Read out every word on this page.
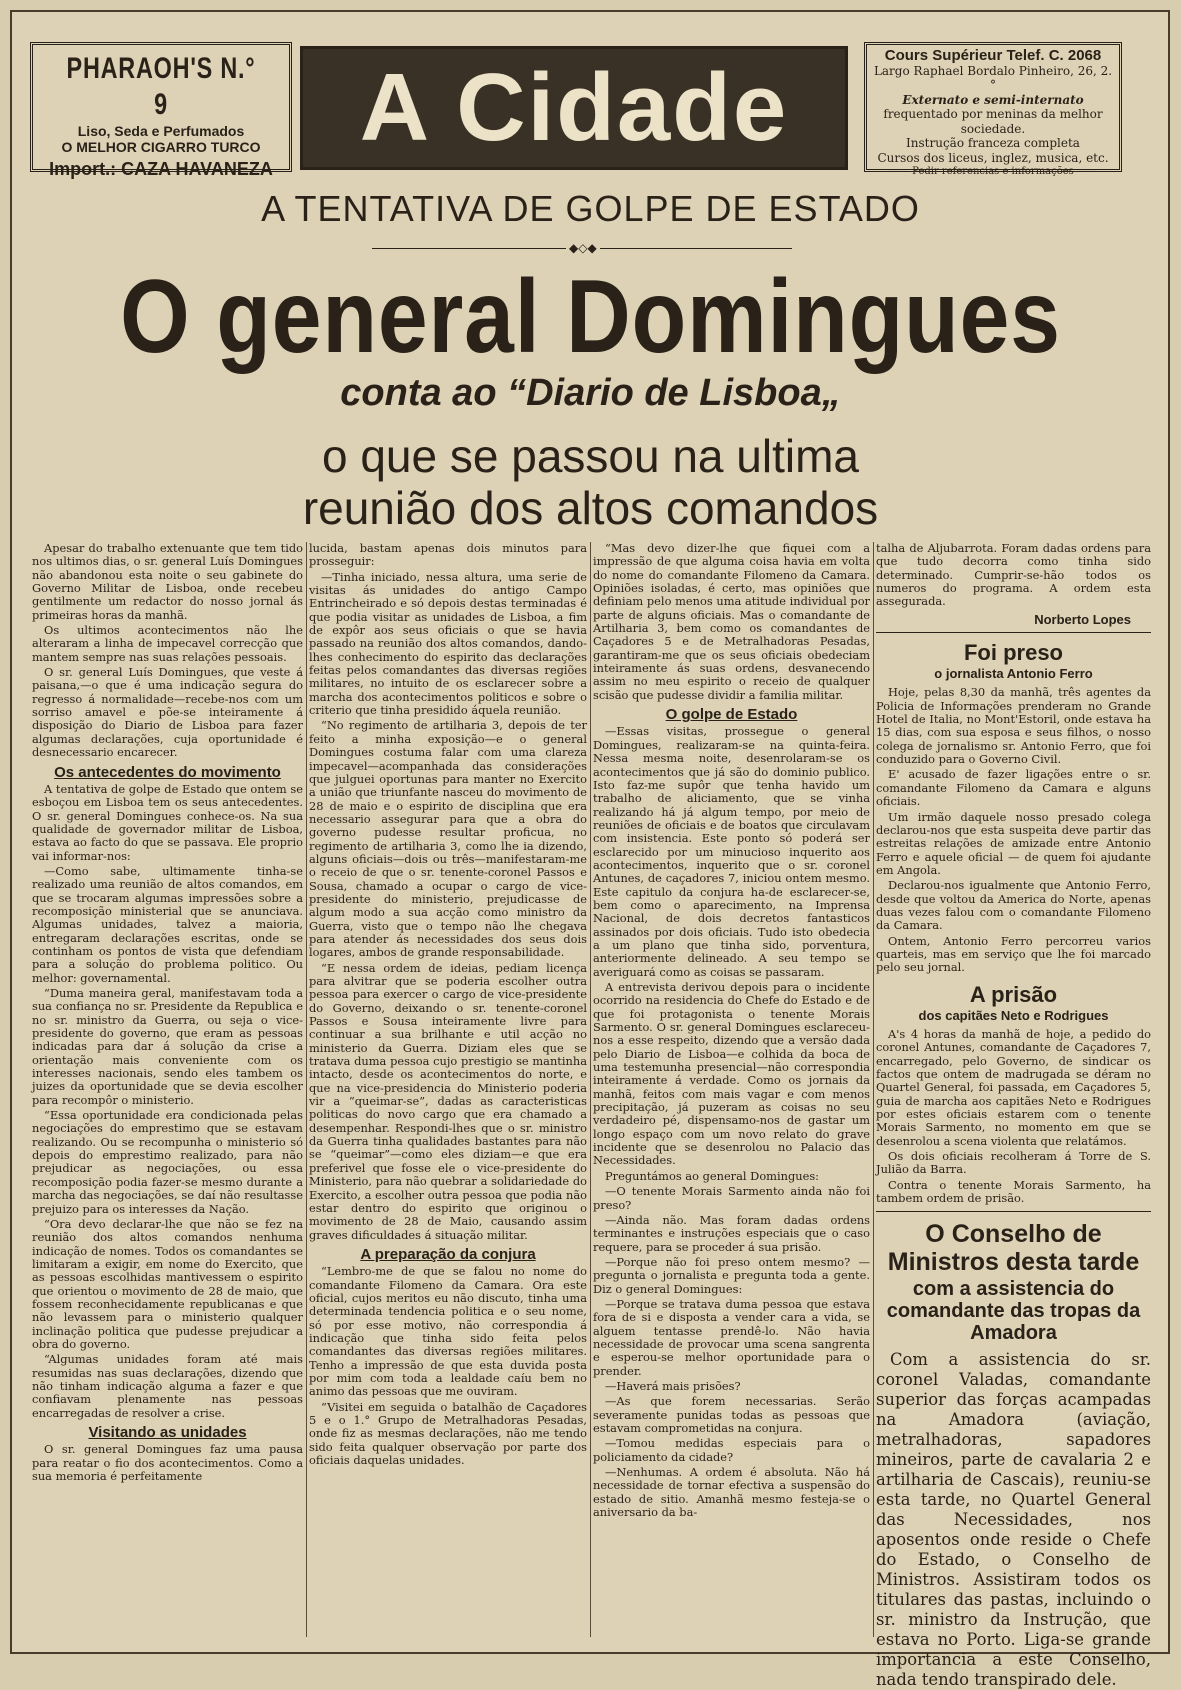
PHARAOH'S N.° 9
Liso, Seda e Perfumados
O MELHOR CIGARRO TURCO
Import.: CAZA HAVANEZA
A Cidade	Cours Supérieur Telef. C. 2068
Largo Raphael Bordalo Pinheiro, 26, 2.°
Externato e semi-internato
frequentado por meninas da melhor
sociedade.
Instrução franceza completa
Cursos dos liceus, inglez, musica, etc.
—— Pedir referencias e informações ——
A TENTATIVA DE GOLPE DE ESTADO
◆◇◆
O general Domingues
conta ao “Diario de Lisboa„
o que se passou na ultima
reunião dos altos comandos

Apesar do trabalho extenuante que tem tido nos ultimos dias, o sr. general Luís Domingues não abandonou esta noite o seu gabinete do Governo Militar de Lisboa, onde recebeu gentilmente um redactor do nosso jornal ás primeiras horas da manhã.

Os ultimos acontecimentos não lhe alteraram a linha de impecavel correcção que mantem sempre nas suas relações pessoais.

O sr. general Luís Domingues, que veste á paisana,—o que é uma indicação segura do regresso á normalidade—recebe-nos com um sorriso amavel e põe-se inteiramente á disposição do Diario de Lisboa para fazer algumas declarações, cuja oportunidade é desnecessario encarecer.

Os antecedentes do movimento

A tentativa de golpe de Estado que ontem se esboçou em Lisboa tem os seus antecedentes. O sr. general Domingues conhece-os. Na sua qualidade de governador militar de Lisboa, estava ao facto do que se passava. Ele proprio vai informar-nos:

—Como sabe, ultimamente tinha-se realizado uma reunião de altos comandos, em que se trocaram algumas impressões sobre a recomposição ministerial que se anunciava. Algumas unidades, talvez a maioria, entregaram declarações escritas, onde se continham os pontos de vista que defendiam para a solução do problema politico. Ou melhor: governamental.

“Duma maneira geral, manifestavam toda a sua confiança no sr. Presidente da Republica e no sr. ministro da Guerra, ou seja o vice-presidente do governo, que eram as pessoas indicadas para dar á solução da crise a orientação mais conveniente com os interesses nacionais, sendo eles tambem os juizes da oportunidade que se devia escolher para recompôr o ministerio.

“Essa oportunidade era condicionada pelas negociações do emprestimo que se estavam realizando. Ou se recompunha o ministerio só depois do emprestimo realizado, para não prejudicar as negociações, ou essa recomposição podia fazer-se mesmo durante a marcha das negociações, se daí não resultasse prejuizo para os interesses da Nação.

“Ora devo declarar-lhe que não se fez na reunião dos altos comandos nenhuma indicação de nomes. Todos os comandantes se limitaram a exigir, em nome do Exercito, que as pessoas escolhidas mantivessem o espirito que orientou o movimento de 28 de maio, que fossem reconhecidamente republicanas e que não levassem para o ministerio qualquer inclinação politica que pudesse prejudicar a obra do governo.

“Algumas unidades foram até mais resumidas nas suas declarações, dizendo que não tinham indicação alguma a fazer e que confiavam plenamente nas pessoas encarregadas de resolver a crise.

Visitando as unidades

O sr. general Domingues faz uma pausa para reatar o fio dos acontecimentos. Como a sua memoria é perfeitamente

lucida, bastam apenas dois minutos para prosseguir:

—Tinha iniciado, nessa altura, uma serie de visitas ás unidades do antigo Campo Entrincheirado e só depois destas terminadas é que podia visitar as unidades de Lisboa, a fim de expôr aos seus oficiais o que se havia passado na reunião dos altos comandos, dando-lhes conhecimento do espirito das declarações feitas pelos comandantes das diversas regiões militares, no intuito de os esclarecer sobre a marcha dos acontecimentos politicos e sobre o criterio que tinha presidido áquela reunião.

“No regimento de artilharia 3, depois de ter feito a minha exposição—e o general Domingues costuma falar com uma clareza impecavel—acompanhada das considerações que julguei oportunas para manter no Exercito a união que triunfante nasceu do movimento de 28 de maio e o espirito de disciplina que era necessario assegurar para que a obra do governo pudesse resultar proficua, no regimento de artilharia 3, como lhe ia dizendo, alguns oficiais—dois ou três—manifestaram-me o receio de que o sr. tenente-coronel Passos e Sousa, chamado a ocupar o cargo de vice-presidente do ministerio, prejudicasse de algum modo a sua acção como ministro da Guerra, visto que o tempo não lhe chegava para atender ás necessidades dos seus dois logares, ambos de grande responsabilidade.

“E nessa ordem de ideias, pediam licença para alvitrar que se poderia escolher outra pessoa para exercer o cargo de vice-presidente do Governo, deixando o sr. tenente-coronel Passos e Sousa inteiramente livre para continuar a sua brilhante e util acção no ministerio da Guerra. Diziam eles que se tratava duma pessoa cujo prestigio se mantinha intacto, desde os acontecimentos do norte, e que na vice-presidencia do Ministerio poderia vir a “queimar-se”, dadas as caracteristicas politicas do novo cargo que era chamado a desempenhar. Respondi-lhes que o sr. ministro da Guerra tinha qualidades bastantes para não se “queimar”—como eles diziam—e que era preferivel que fosse ele o vice-presidente do Ministerio, para não quebrar a solidariedade do Exercito, a escolher outra pessoa que podia não estar dentro do espirito que originou o movimento de 28 de Maio, causando assim graves dificuldades á situação militar.

A preparação da conjura

“Lembro-me de que se falou no nome do comandante Filomeno da Camara. Ora este oficial, cujos meritos eu não discuto, tinha uma determinada tendencia politica e o seu nome, só por esse motivo, não correspondia á indicação que tinha sido feita pelos comandantes das diversas regiões militares. Tenho a impressão de que esta duvida posta por mim com toda a lealdade caíu bem no animo das pessoas que me ouviram.

“Visitei em seguida o batalhão de Caçadores 5 e o 1.° Grupo de Metralhadoras Pesadas, onde fiz as mesmas declarações, não me tendo sido feita qualquer observação por parte dos oficiais daquelas unidades.

“Mas devo dizer-lhe que fiquei com a impressão de que alguma coisa havia em volta do nome do comandante Filomeno da Camara. Opiniões isoladas, é certo, mas opiniões que definiam pelo menos uma atitude individual por parte de alguns oficiais. Mas o comandante de Artilharia 3, bem como os comandantes de Caçadores 5 e de Metralhadoras Pesadas, garantiram-me que os seus oficiais obedeciam inteiramente ás suas ordens, desvanecendo assim no meu espirito o receio de qualquer scisão que pudesse dividir a familia militar.

O golpe de Estado

—Essas visitas, prossegue o general Domingues, realizaram-se na quinta-feira. Nessa mesma noite, desenrolaram-se os acontecimentos que já são do dominio publico. Isto faz-me supôr que tenha havido um trabalho de aliciamento, que se vinha realizando há já algum tempo, por meio de reuniões de oficiais e de boatos que circulavam com insistencia. Este ponto só poderá ser esclarecido por um minucioso inquerito aos acontecimentos, inquerito que o sr. coronel Antunes, de caçadores 7, iniciou ontem mesmo. Este capitulo da conjura ha-de esclarecer-se, bem como o aparecimento, na Imprensa Nacional, de dois decretos fantasticos assinados por dois oficiais. Tudo isto obedecia a um plano que tinha sido, porventura, anteriormente delineado. A seu tempo se averiguará como as coisas se passaram.

A entrevista derivou depois para o incidente ocorrido na residencia do Chefe do Estado e de que foi protagonista o tenente Morais Sarmento. O sr. general Domingues esclareceu-nos a esse respeito, dizendo que a versão dada pelo Diario de Lisboa—e colhida da boca de uma testemunha presencial—não correspondia inteiramente á verdade. Como os jornais da manhã, feitos com mais vagar e com menos precipitação, já puzeram as coisas no seu verdadeiro pé, dispensamo-nos de gastar um longo espaço com um novo relato do grave incidente que se desenrolou no Palacio das Necessidades.

Preguntámos ao general Domingues:

—O tenente Morais Sarmento ainda não foi preso?

—Ainda não. Mas foram dadas ordens terminantes e instruções especiais que o caso requere, para se proceder á sua prisão.

—Porque não foi preso ontem mesmo? —pregunta o jornalista e pregunta toda a gente. Diz o general Domingues:

—Porque se tratava duma pessoa que estava fora de si e disposta a vender cara a vida, se alguem tentasse prendê-lo. Não havia necessidade de provocar uma scena sangrenta e esperou-se melhor oportunidade para o prender.

—Haverá mais prisões?

—As que forem necessarias. Serão severamente punidas todas as pessoas que estavam comprometidas na conjura.

—Tomou medidas especiais para o policiamento da cidade?

—Nenhumas. A ordem é absoluta. Não há necessidade de tornar efectiva a suspensão do estado de sitio. Amanhã mesmo festeja-se o aniversario da ba-

talha de Aljubarrota. Foram dadas ordens para que tudo decorra como tinha sido determinado. Cumprir-se-hão todos os numeros do programa. A ordem esta assegurada.

Norberto Lopes
Foi preso
o jornalista Antonio Ferro

Hoje, pelas 8,30 da manhã, três agentes da Policia de Informações prenderam no Grande Hotel de Italia, no Mont'Estoril, onde estava ha 15 dias, com sua esposa e seus filhos, o nosso colega de jornalismo sr. Antonio Ferro, que foi conduzido para o Governo Civil.

E' acusado de fazer ligações entre o sr. comandante Filomeno da Camara e alguns oficiais.

Um irmão daquele nosso presado colega declarou-nos que esta suspeita deve partir das estreitas relações de amizade entre Antonio Ferro e aquele oficial — de quem foi ajudante em Angola.

Declarou-nos igualmente que Antonio Ferro, desde que voltou da America do Norte, apenas duas vezes falou com o comandante Filomeno da Camara.

Ontem, Antonio Ferro percorreu varios quarteis, mas em serviço que lhe foi marcado pelo seu jornal.

A prisão
dos capitães Neto e Rodrigues

A's 4 horas da manhã de hoje, a pedido do coronel Antunes, comandante de Caçadores 7, encarregado, pelo Governo, de sindicar os factos que ontem de madrugada se déram no Quartel General, foi passada, em Caçadores 5, guia de marcha aos capitães Neto e Rodrigues por estes oficiais estarem com o tenente Morais Sarmento, no momento em que se desenrolou a scena violenta que relatámos.

Os dois oficiais recolheram á Torre de S. Julião da Barra.

Contra o tenente Morais Sarmento, ha tambem ordem de prisão.

O Conselho de Ministros desta tarde
com a assistencia do comandante das tropas da Amadora

Com a assistencia do sr. coronel Valadas, comandante superior das forças acampadas na Amadora (aviação, metralhadoras, sapadores mineiros, parte de cavalaria 2 e artilharia de Cascais), reuniu-se esta tarde, no Quartel General das Necessidades, nos aposentos onde reside o Chefe do Estado, o Conselho de Ministros. Assistiram todos os titulares das pastas, incluindo o sr. ministro da Instrução, que estava no Porto. Liga-se grande importancia a este Conselho, nada tendo transpirado dele.
